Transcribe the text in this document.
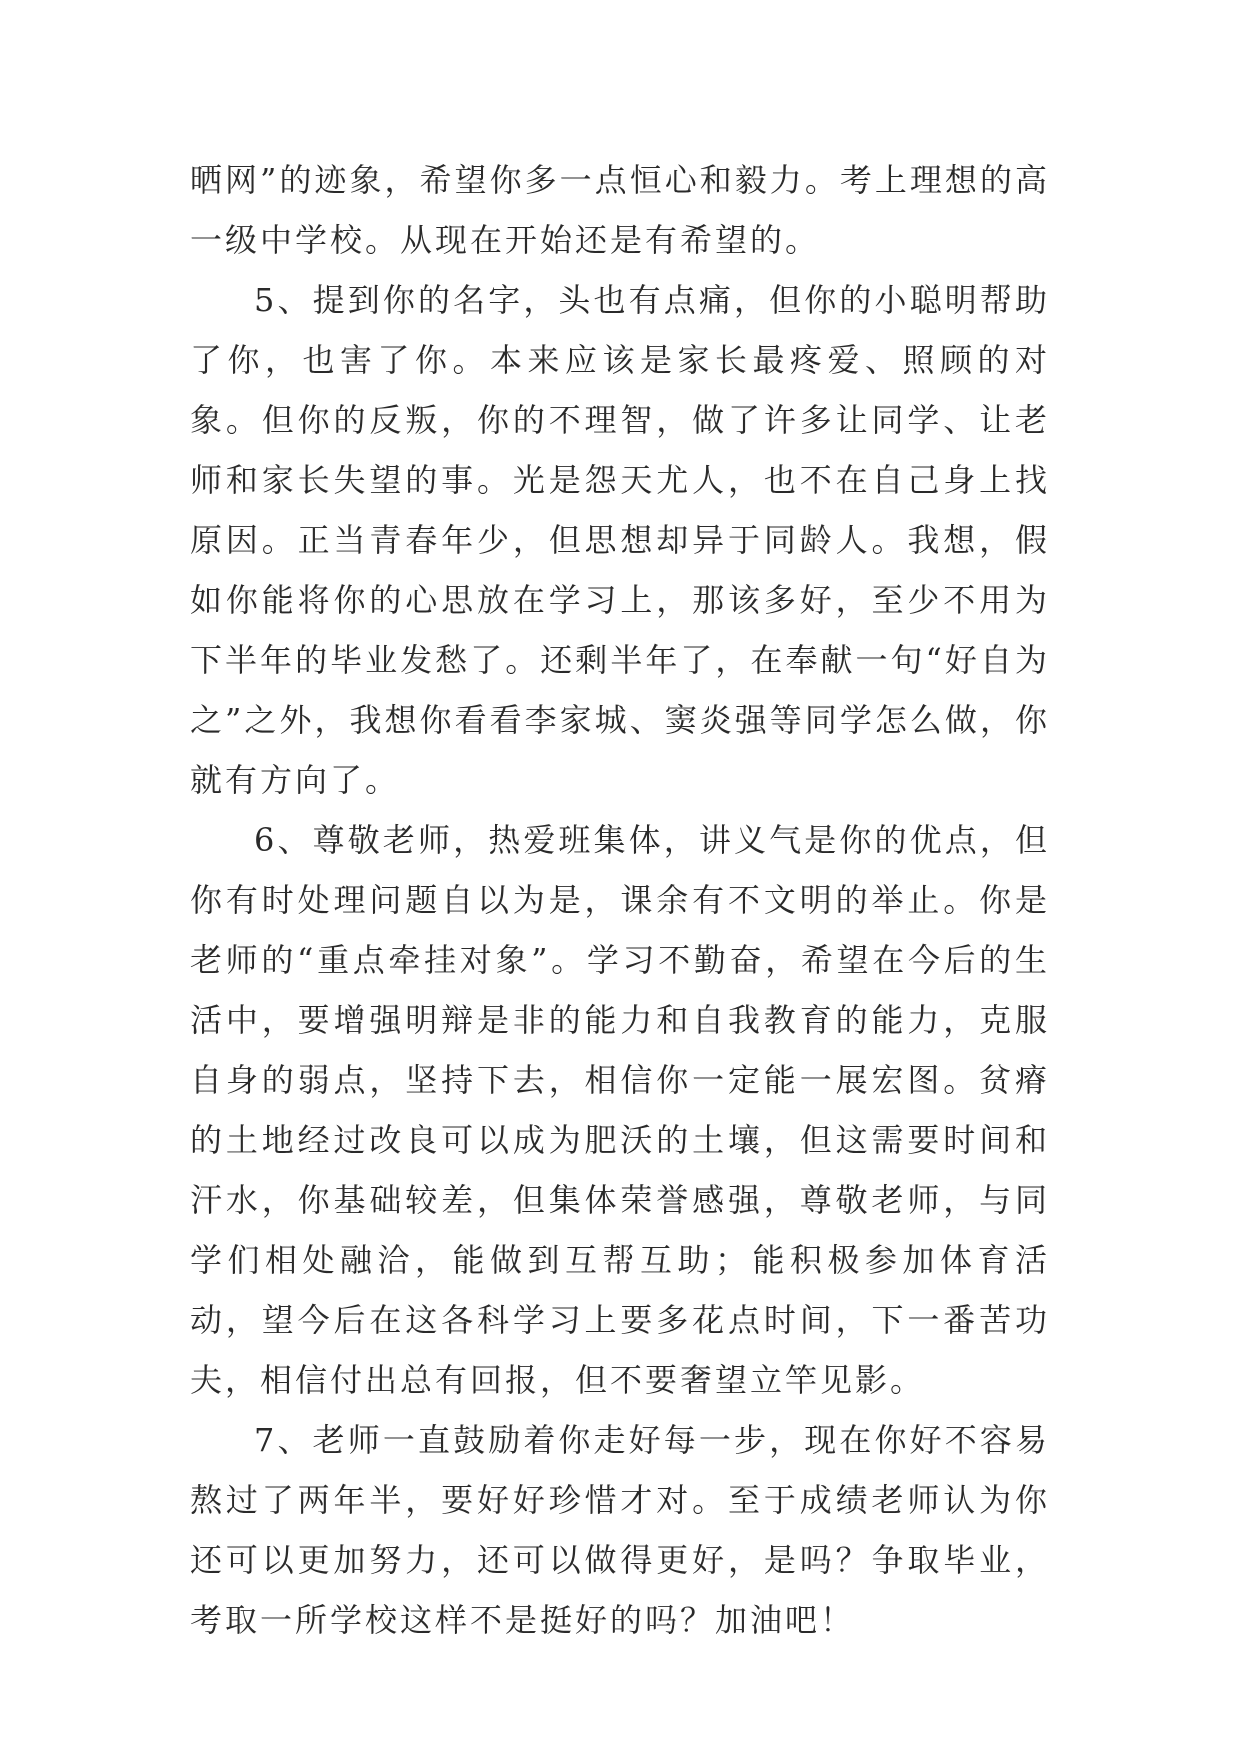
晒网”的迹象，希望你多一点恒心和毅力。考上理想的高一级中学校。从现在开始还是有希望的。

5、提到你的名字，头也有点痛，但你的小聪明帮助了你，也害了你。本来应该是家长最疼爱、照顾的对象。但你的反叛，你的不理智，做了许多让同学、让老师和家长失望的事。光是怨天尤人，也不在自己身上找原因。正当青春年少，但思想却异于同龄人。我想，假如你能将你的心思放在学习上，那该多好，至少不用为下半年的毕业发愁了。还剩半年了，在奉献一句“好自为之”之外，我想你看看李家城、窦炎强等同学怎么做，你就有方向了。

6、尊敬老师，热爱班集体，讲义气是你的优点，但你有时处理问题自以为是，课余有不文明的举止。你是老师的“重点牵挂对象”。学习不勤奋，希望在今后的生活中，要增强明辩是非的能力和自我教育的能力，克服自身的弱点，坚持下去，相信你一定能一展宏图。贫瘠的土地经过改良可以成为肥沃的土壤，但这需要时间和汗水，你基础较差，但集体荣誉感强，尊敬老师，与同学们相处融洽，能做到互帮互助；能积极参加体育活动，望今后在这各科学习上要多花点时间，下一番苦功夫，相信付出总有回报，但不要奢望立竿见影。

7、老师一直鼓励着你走好每一步，现在你好不容易熬过了两年半，要好好珍惜才对。至于成绩老师认为你还可以更加努力，还可以做得更好，是吗？争取毕业，考取一所学校这样不是挺好的吗？加油吧！
